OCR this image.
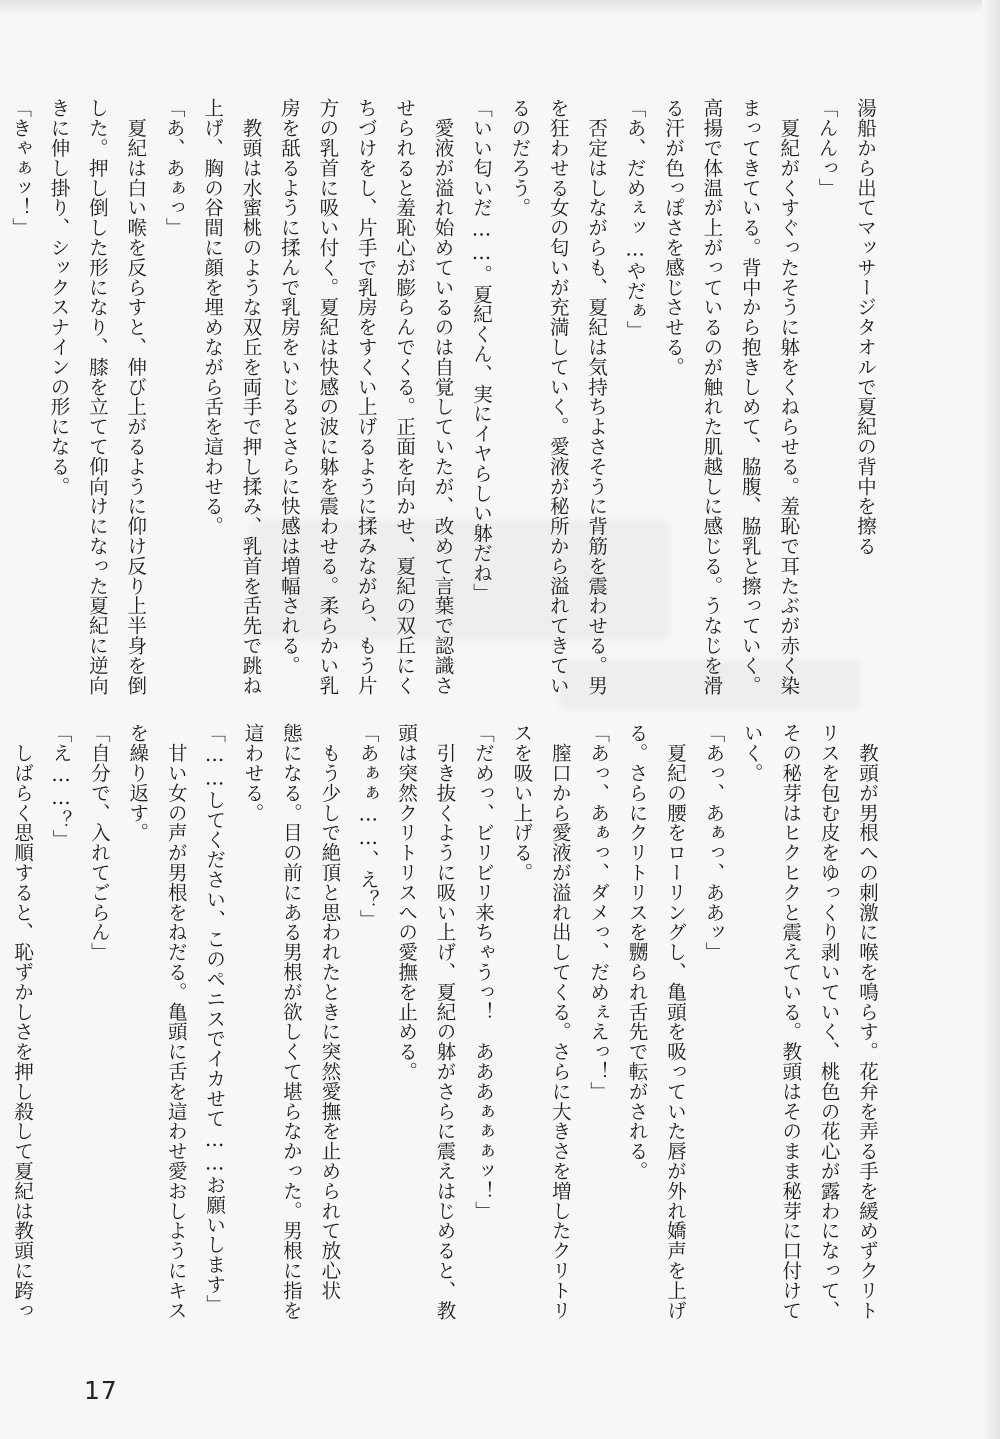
湯船から出てマッサージタオルで夏紀の背中を擦る

「んんっ」

　夏紀がくすぐったそうに躰をくねらせる。羞恥で耳たぶが赤く染

まってきている。背中から抱きしめて、脇腹、脇乳と擦っていく。

高揚で体温が上がっているのが触れた肌越しに感じる。うなじを滑

る汗が色っぽさを感じさせる。

「あ、だめぇッ…やだぁ」

　否定はしながらも、夏紀は気持ちよさそうに背筋を震わせる。男

を狂わせる女の匂いが充満していく。愛液が秘所から溢れてきてい

るのだろう。

「いい匂いだ……。夏紀くん、実にイヤらしい躰だね」

　愛液が溢れ始めているのは自覚していたが、改めて言葉で認識さ

せられると羞恥心が膨らんでくる。正面を向かせ、夏紀の双丘にく

ちづけをし、片手で乳房をすくい上げるように揉みながら、もう片

方の乳首に吸い付く。夏紀は快感の波に躰を震わせる。柔らかい乳

房を舐るように揉んで乳房をいじるとさらに快感は増幅される。

　教頭は水蜜桃のような双丘を両手で押し揉み、乳首を舌先で跳ね

上げ、胸の谷間に顔を埋めながら舌を這わせる。

「あ、あぁっ」

　夏紀は白い喉を反らすと、伸び上がるように仰け反り上半身を倒

した。押し倒した形になり、膝を立てて仰向けになった夏紀に逆向

きに伸し掛り、シックスナインの形になる。

「きゃぁッ！」

　教頭が男根への刺激に喉を鳴らす。花弁を弄る手を緩めずクリト

リスを包む皮をゆっくり剥いていく、桃色の花心が露わになって、

その秘芽はヒクヒクと震えている。教頭はそのまま秘芽に口付けて

いく。

「あっ、あぁっ、ああッ」

　夏紀の腰をローリングし、亀頭を吸っていた唇が外れ嬌声を上げ

る。さらにクリトリスを嬲られ舌先で転がされる。

「あっ、あぁっ、ダメっ、だめぇえっ！」

　膣口から愛液が溢れ出してくる。さらに大きさを増したクリトリ

スを吸い上げる。

「だめっ、ビリビリ来ちゃうっ！　あああぁぁぁッ！」

　引き抜くように吸い上げ、夏紀の躰がさらに震えはじめると、教

頭は突然クリトリスへの愛撫を止める。

「あぁぁ……、え？」

　もう少しで絶頂と思われたときに突然愛撫を止められて放心状

態になる。目の前にある男根が欲しくて堪らなかった。男根に指を

這わせる。

「……してください、このペニスでイカせて……お願いします」

　甘い女の声が男根をねだる。亀頭に舌を這わせ愛おしようにキス

を繰り返す。

「自分で、入れてごらん」

「え……？」

　しばらく思順すると、恥ずかしさを押し殺して夏紀は教頭に跨っ

17
